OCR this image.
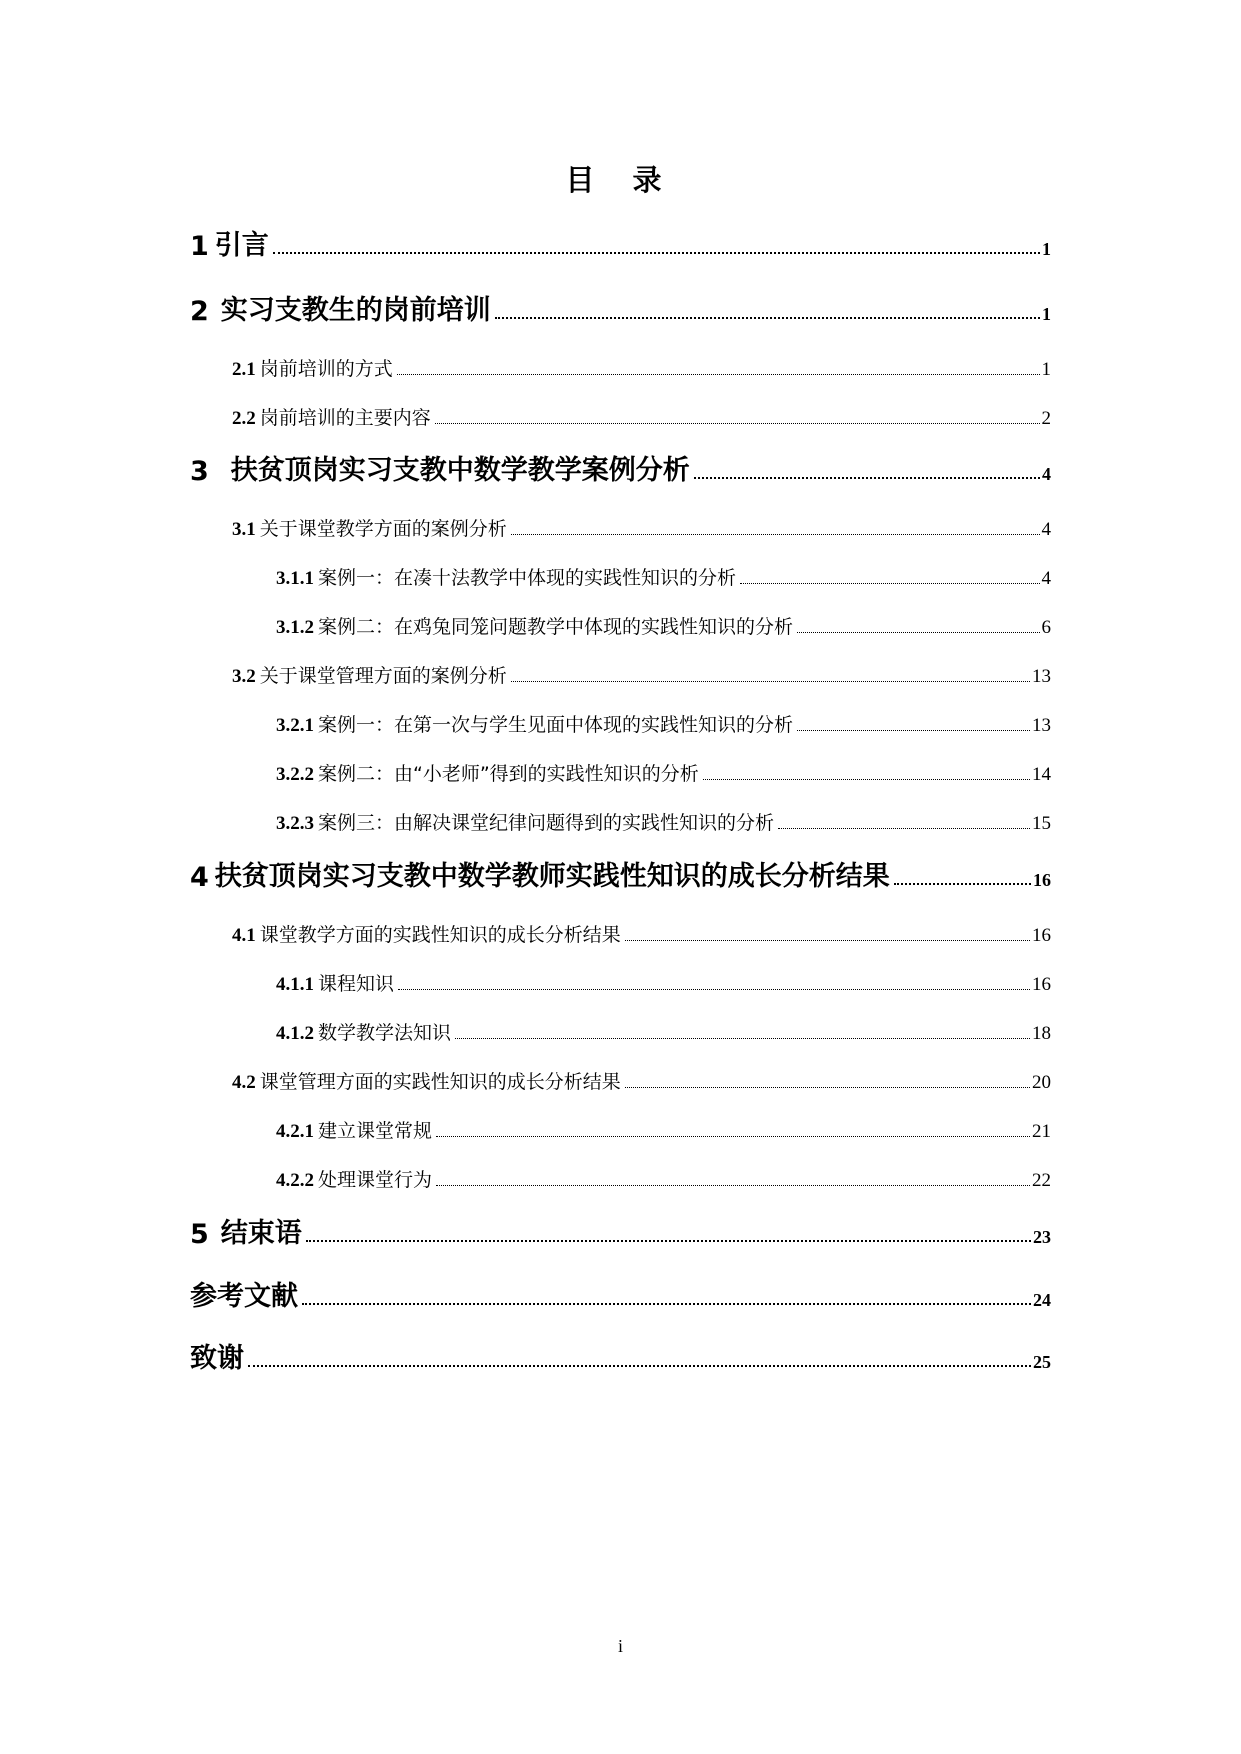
目 录
1 引言	1
2 实习支教生的岗前培训	1
2.1 岗前培训的方式	1
2.2 岗前培训的主要内容	2
3 扶贫顶岗实习支教中数学教学案例分析	4
3.1 关于课堂教学方面的案例分析	4
3.1.1 案例一：在凑十法教学中体现的实践性知识的分析	4
3.1.2 案例二：在鸡兔同笼问题教学中体现的实践性知识的分析	6
3.2 关于课堂管理方面的案例分析	13
3.2.1 案例一：在第一次与学生见面中体现的实践性知识的分析	13
3.2.2 案例二：由“小老师”得到的实践性知识的分析	14
3.2.3 案例三：由解决课堂纪律问题得到的实践性知识的分析	15
4 扶贫顶岗实习支教中数学教师实践性知识的成长分析结果	16
4.1 课堂教学方面的实践性知识的成长分析结果	16
4.1.1 课程知识	16
4.1.2 数学教学法知识	18
4.2 课堂管理方面的实践性知识的成长分析结果	20
4.2.1 建立课堂常规	21
4.2.2 处理课堂行为	22
5 结束语	23
参考文献	24
致谢	25
i
